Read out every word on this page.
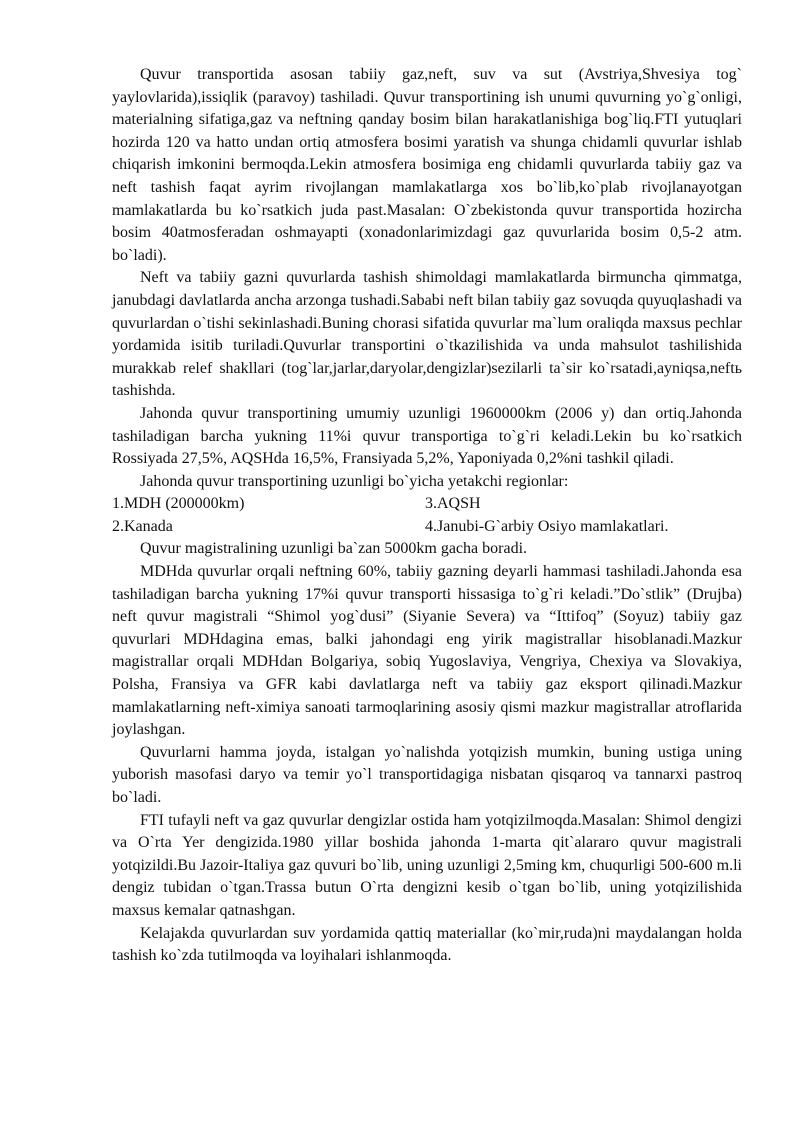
Quvur transportida asosan tabiiy gaz,neft, suv va sut (Avstriya,Shvesiya tog` yaylovlarida),issiqlik (paravoy) tashiladi. Quvur transportining ish unumi quvurning yo`g`onligi, materialning sifatiga,gaz va neftning qanday bosim bilan harakatlanishiga bog`liq.FTI yutuqlari hozirda 120 va hatto undan ortiq atmosfera bosimi yaratish va shunga chidamli quvurlar ishlab chiqarish imkonini bermoqda.Lekin atmosfera bosimiga eng chidamli quvurlarda tabiiy gaz va neft tashish faqat ayrim rivojlangan mamlakatlarga xos bo`lib,ko`plab rivojlanayotgan mamlakatlarda bu ko`rsatkich juda past.Masalan: O`zbekistonda quvur transportida hozircha bosim 40atmosferadan oshmayapti (xonadonlarimizdagi gaz quvurlarida bosim 0,5-2 atm. bo`ladi).

Neft va tabiiy gazni quvurlarda tashish shimoldagi mamlakatlarda birmuncha qimmatga, janubdagi davlatlarda ancha arzonga tushadi.Sababi neft bilan tabiiy gaz sovuqda quyuqlashadi va quvurlardan o`tishi sekinlashadi.Buning chorasi sifatida quvurlar ma`lum oraliqda maxsus pechlar yordamida isitib turiladi.Quvurlar transportini o`tkazilishida va unda mahsulot tashilishida murakkab relef shakllari (tog`lar,jarlar,daryolar,dengizlar)sezilarli ta`sir ko`rsatadi,ayniqsa,neftь tashishda.

Jahonda quvur transportining umumiy uzunligi 1960000km (2006 y) dan ortiq.Jahonda tashiladigan barcha yukning 11%i quvur transportiga to`g`ri keladi.Lekin bu ko`rsatkich Rossiyada 27,5%, AQSHda 16,5%, Fransiyada 5,2%, Yaponiyada 0,2%ni tashkil qiladi.

Jahonda quvur transportining uzunligi bo`yicha yetakchi regionlar:

1.MDH (200000km)	3.AQSH
2.Kanada	4.Janubi-G`arbiy Osiyo mamlakatlari.

Quvur magistralining uzunligi ba`zan 5000km gacha boradi.

MDHda quvurlar orqali neftning 60%, tabiiy gazning deyarli hammasi tashiladi.Jahonda esa tashiladigan barcha yukning 17%i quvur transporti hissasiga to`g`ri keladi.”Do`stlik” (Drujba) neft quvur magistrali “Shimol yog`dusi” (Siyanie Severa) va “Ittifoq” (Soyuz) tabiiy gaz quvurlari MDHdagina emas, balki jahondagi eng yirik magistrallar hisoblanadi.Mazkur magistrallar orqali MDHdan Bolgariya, sobiq Yugoslaviya, Vengriya, Chexiya va Slovakiya, Polsha, Fransiya va GFR kabi davlatlarga neft va tabiiy gaz eksport qilinadi.Mazkur mamlakatlarning neft-ximiya sanoati tarmoqlarining asosiy qismi mazkur magistrallar atroflarida joylashgan.

Quvurlarni hamma joyda, istalgan yo`nalishda yotqizish mumkin, buning ustiga uning yuborish masofasi daryo va temir yo`l transportidagiga nisbatan qisqaroq va tannarxi pastroq bo`ladi.

FTI tufayli neft va gaz quvurlar dengizlar ostida ham yotqizilmoqda.Masalan: Shimol dengizi va O`rta Yer dengizida.1980 yillar boshida jahonda 1-marta qit`alararo quvur magistrali yotqizildi.Bu Jazoir-Italiya gaz quvuri bo`lib, uning uzunligi 2,5ming km, chuqurligi 500-600 m.li dengiz tubidan o`tgan.Trassa butun O`rta dengizni kesib o`tgan bo`lib, uning yotqizilishida maxsus kemalar qatnashgan.

Kelajakda quvurlardan suv yordamida qattiq materiallar (ko`mir,ruda)ni maydalangan holda tashish ko`zda tutilmoqda va loyihalari ishlanmoqda.
